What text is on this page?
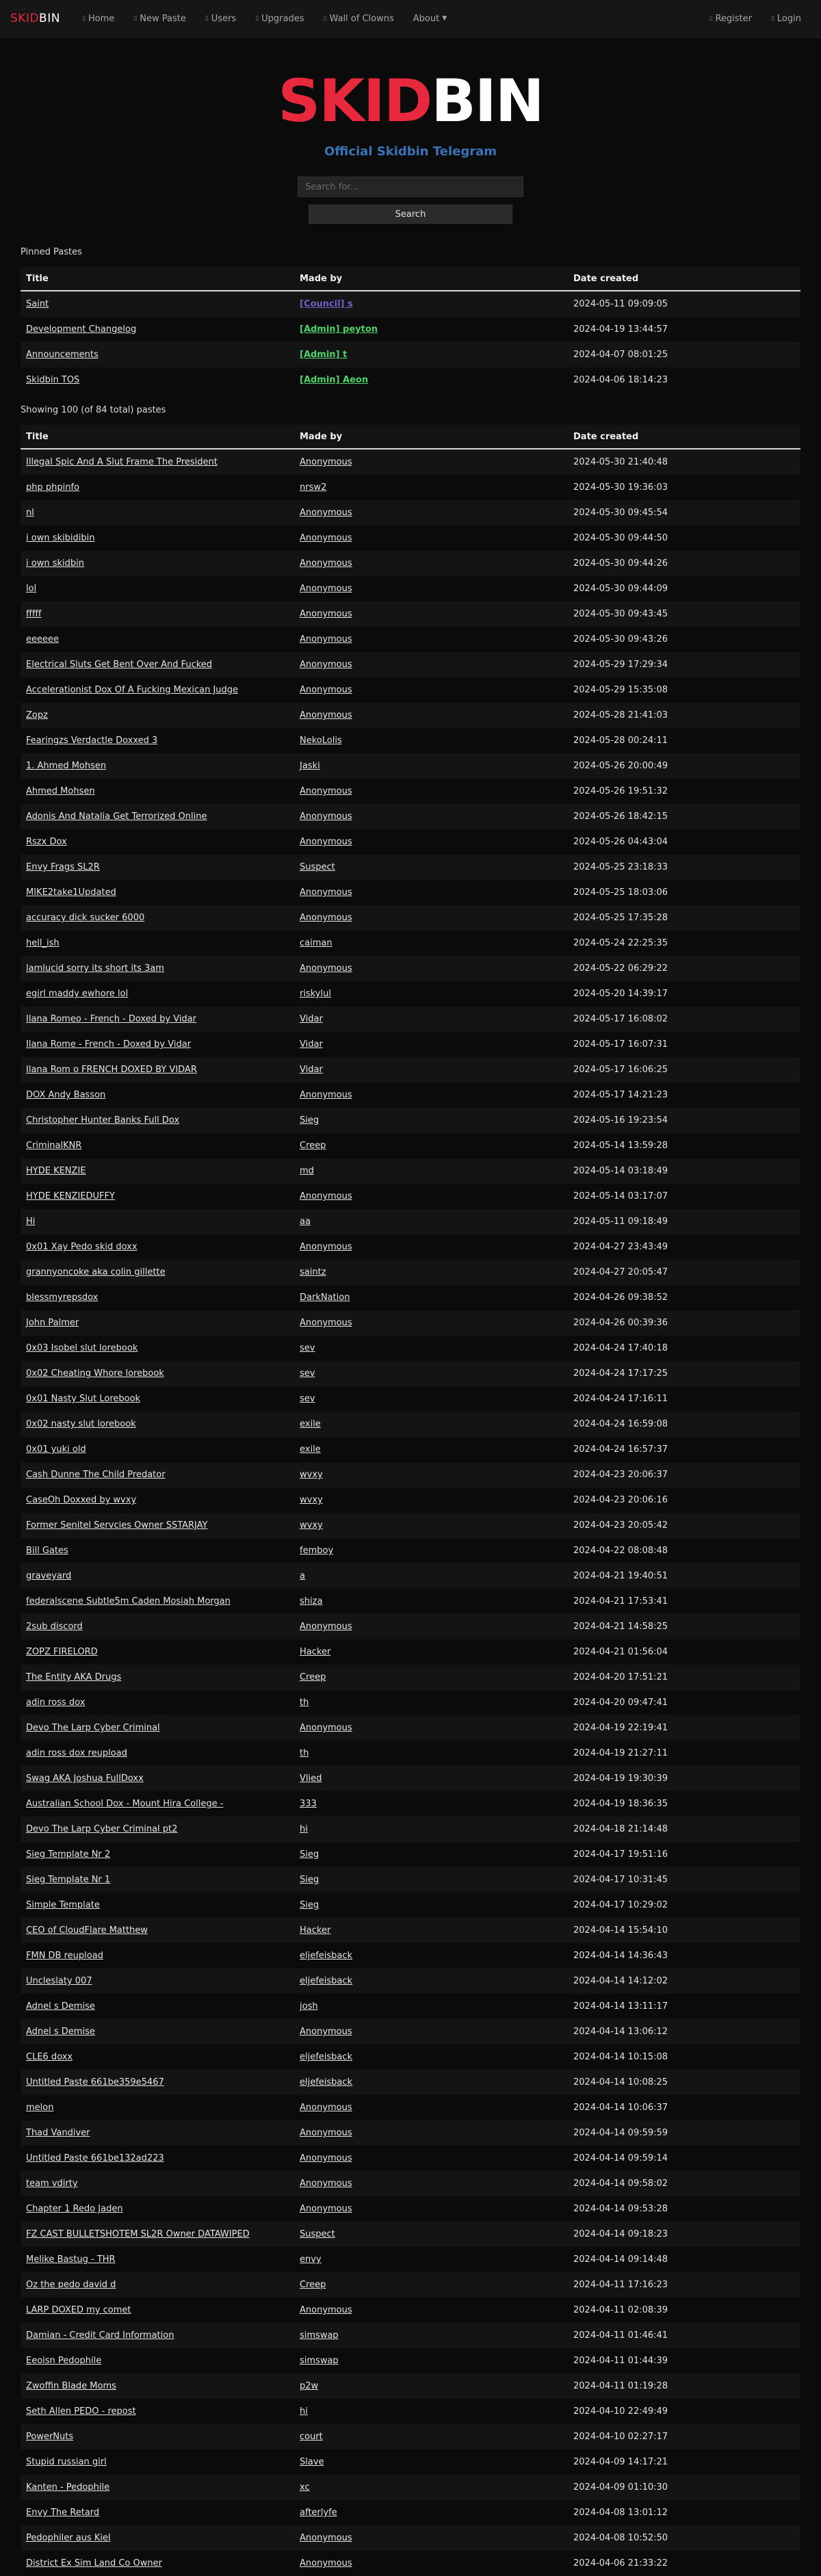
SKIDBIN	▯ Home	▯ New Paste	▯ Users	▯ Upgrades	▯ Wall of Clowns About ▼	▯ Register	▯ Login
SKIDBIN
Official Skidbin Telegram
Search for...
Search

Pinned Pastes

Title	Made by	Date created
Saint	[Council] s	2024-05-11 09:09:05
Development Changelog	[Admin] peyton	2024-04-19 13:44:57
Announcements	[Admin] t	2024-04-07 08:01:25
Skidbin TOS	[Admin] Aeon	2024-04-06 18:14:23

Showing 100 (of 84 total) pastes

Title	Made by	Date created
Illegal Spic And A Slut Frame The President	Anonymous	2024-05-30 21:40:48
php phpinfo	nrsw2	2024-05-30 19:36:03
nl	Anonymous	2024-05-30 09:45:54
i own skibidibin	Anonymous	2024-05-30 09:44:50
i own skidbin	Anonymous	2024-05-30 09:44:26
lol	Anonymous	2024-05-30 09:44:09
fffff	Anonymous	2024-05-30 09:43:45
eeeeee	Anonymous	2024-05-30 09:43:26
Electrical Sluts Get Bent Over And Fucked	Anonymous	2024-05-29 17:29:34
Accelerationist Dox Of A Fucking Mexican Judge	Anonymous	2024-05-29 15:35:08
Zopz	Anonymous	2024-05-28 21:41:03
Fearingzs Verdactle Doxxed 3	NekoLolis	2024-05-28 00:24:11
1. Ahmed Mohsen	Jaski	2024-05-26 20:00:49
Ahmed Mohsen	Anonymous	2024-05-26 19:51:32
Adonis And Natalia Get Terrorized Online	Anonymous	2024-05-26 18:42:15
Rszx Dox	Anonymous	2024-05-26 04:43:04
Envy Frags SL2R	Suspect	2024-05-25 23:18:33
MIKE2take1Updated	Anonymous	2024-05-25 18:03:06
accuracy dick sucker 6000	Anonymous	2024-05-25 17:35:28
hell_ish	caiman	2024-05-24 22:25:35
lamlucid sorry its short its 3am	Anonymous	2024-05-22 06:29:22
egirl maddy ewhore lol	riskylul	2024-05-20 14:39:17
Ilana Romeo - French - Doxed by Vidar	Vidar	2024-05-17 16:08:02
Ilana Rome - French - Doxed by Vidar	Vidar	2024-05-17 16:07:31
Ilana Rom o FRENCH DOXED BY VIDAR	Vidar	2024-05-17 16:06:25
DOX Andy Basson	Anonymous	2024-05-17 14:21:23
Christopher Hunter Banks Full Dox	Sieg	2024-05-16 19:23:54
CriminalKNR	Creep	2024-05-14 13:59:28
HYDE KENZIE	md	2024-05-14 03:18:49
HYDE KENZIEDUFFY	Anonymous	2024-05-14 03:17:07
Hi	aa	2024-05-11 09:18:49
0x01 Xay Pedo skid doxx	Anonymous	2024-04-27 23:43:49
grannyoncoke aka colin gillette	saintz	2024-04-27 20:05:47
blessmyrepsdox	DarkNation	2024-04-26 09:38:52
John Palmer	Anonymous	2024-04-26 00:39:36
0x03 Isobel slut lorebook	sev	2024-04-24 17:40:18
0x02 Cheating Whore lorebook	sev	2024-04-24 17:17:25
0x01 Nasty Slut Lorebook	sev	2024-04-24 17:16:11
0x02 nasty slut lorebook	exile	2024-04-24 16:59:08
0x01 yuki old	exile	2024-04-24 16:57:37
Cash Dunne The Child Predator	wvxy	2024-04-23 20:06:37
CaseOh Doxxed by wvxy	wvxy	2024-04-23 20:06:16
Former Senitel Servcies Owner SSTARJAY	wvxy	2024-04-23 20:05:42
Bill Gates	femboy	2024-04-22 08:08:48
graveyard	a	2024-04-21 19:40:51
federalscene Subtle5m Caden Mosiah Morgan	shiza	2024-04-21 17:53:41
2sub discord	Anonymous	2024-04-21 14:58:25
ZOPZ FIRELORD	Hacker	2024-04-21 01:56:04
The Entity AKA Drugs	Creep	2024-04-20 17:51:21
adin ross dox	th	2024-04-20 09:47:41
Devo The Larp Cyber Criminal	Anonymous	2024-04-19 22:19:41
adin ross dox reupload	th	2024-04-19 21:27:11
Swag AKA Joshua FullDoxx	Vlied	2024-04-19 19:30:39
Australian School Dox - Mount Hira College -	333	2024-04-19 18:36:35
Devo The Larp Cyber Criminal pt2	hi	2024-04-18 21:14:48
Sieg Template Nr 2	Sieg	2024-04-17 19:51:16
Sieg Template Nr 1	Sieg	2024-04-17 10:31:45
Simple Template	Sieg	2024-04-17 10:29:02
CEO of CloudFlare Matthew	Hacker	2024-04-14 15:54:10
FMN DB reupload	eljefeisback	2024-04-14 14:36:43
Uncleslaty 007	eljefeisback	2024-04-14 14:12:02
Adnel s Demise	josh	2024-04-14 13:11:17
Adnel s Demise	Anonymous	2024-04-14 13:06:12
CLE6 doxx	eljefeisback	2024-04-14 10:15:08
Untitled Paste 661be359e5467	eljefeisback	2024-04-14 10:08:25
melon	Anonymous	2024-04-14 10:06:37
Thad Vandiver	Anonymous	2024-04-14 09:59:59
Untitled Paste 661be132ad223	Anonymous	2024-04-14 09:59:14
team vdirty	Anonymous	2024-04-14 09:58:02
Chapter 1 Redo Jaden	Anonymous	2024-04-14 09:53:28
FZ CAST BULLETSHOTEM SL2R Owner DATAWIPED	Suspect	2024-04-14 09:18:23
Melike Bastug - THR	envy	2024-04-14 09:14:48
Oz the pedo david d	Creep	2024-04-11 17:16:23
LARP DOXED my comet	Anonymous	2024-04-11 02:08:39
Damian - Credit Card Information	simswap	2024-04-11 01:46:41
Eeoisn Pedophile	simswap	2024-04-11 01:44:39
Zwoffin Blade Moms	p2w	2024-04-11 01:19:28
Seth Allen PEDO - repost	hi	2024-04-10 22:49:49
PowerNuts	court	2024-04-10 02:27:17
Stupid russian girl	Slave	2024-04-09 14:17:21
Kanten - Pedophile	xc	2024-04-09 01:10:30
Envy The Retard	afterlyfe	2024-04-08 13:01:12
Pedophiler aus Kiel	Anonymous	2024-04-08 10:52:50
District Ex Sim Land Co Owner	Anonymous	2024-04-06 21:33:22
